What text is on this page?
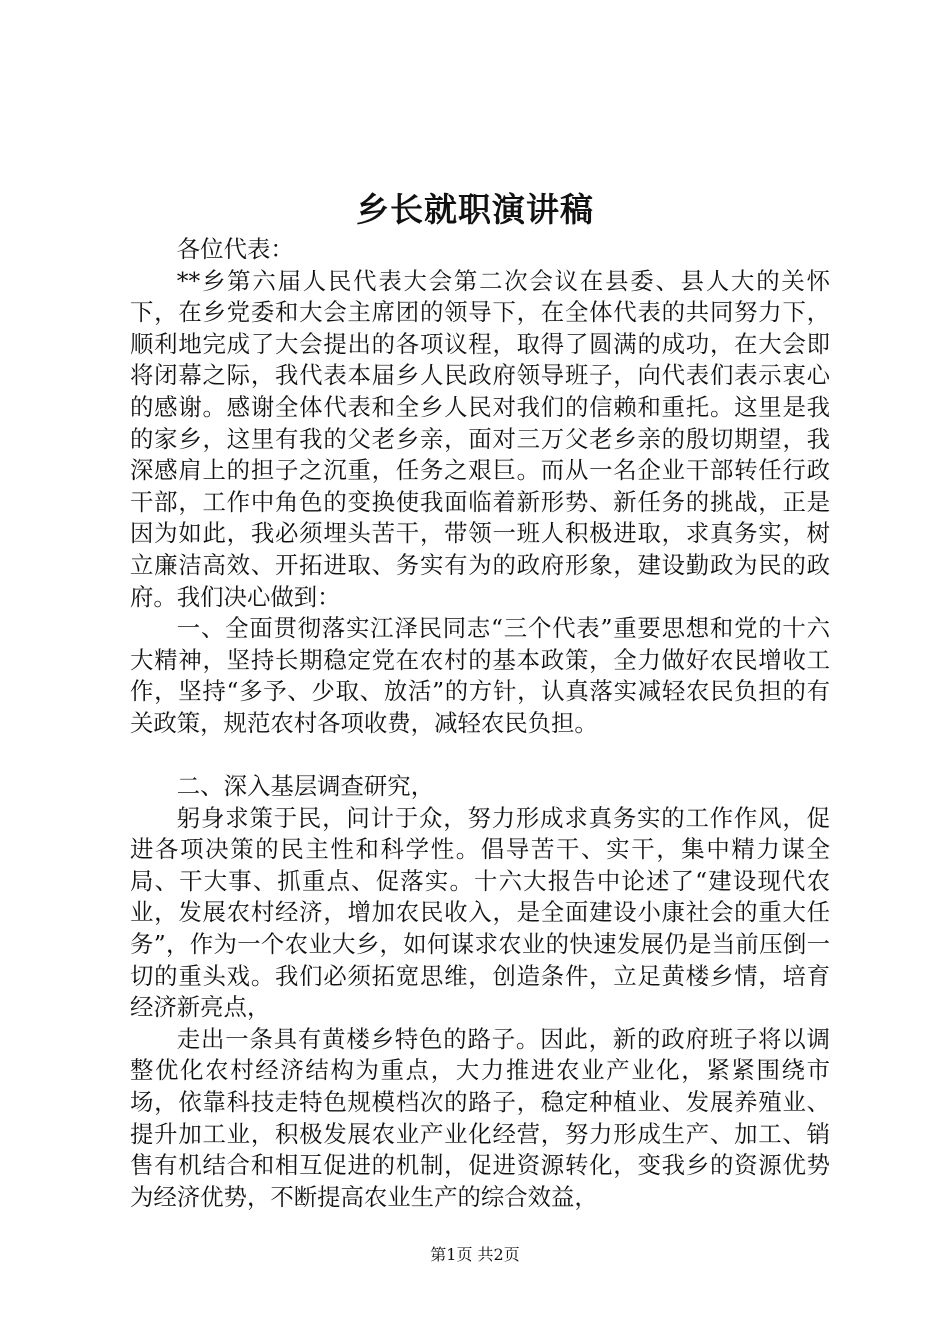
乡长就职演讲稿

各位代表：

**乡第六届人民代表大会第二次会议在县委、县人大的关怀下，在乡党委和大会主席团的领导下，在全体代表的共同努力下，顺利地完成了大会提出的各项议程，取得了圆满的成功，在大会即将闭幕之际，我代表本届乡人民政府领导班子，向代表们表示衷心的感谢。感谢全体代表和全乡人民对我们的信赖和重托。这里是我的家乡，这里有我的父老乡亲，面对三万父老乡亲的殷切期望，我深感肩上的担子之沉重，任务之艰巨。而从一名企业干部转任行政干部，工作中角色的变换使我面临着新形势、新任务的挑战，正是因为如此，我必须埋头苦干，带领一班人积极进取，求真务实，树立廉洁高效、开拓进取、务实有为的政府形象，建设勤政为民的政府。我们决心做到：

一、全面贯彻落实江泽民同志“三个代表”重要思想和党的十六大精神，坚持长期稳定党在农村的基本政策，全力做好农民增收工作，坚持“多予、少取、放活”的方针，认真落实减轻农民负担的有关政策，规范农村各项收费，减轻农民负担。

二、深入基层调查研究，

躬身求策于民，问计于众，努力形成求真务实的工作作风，促进各项决策的民主性和科学性。倡导苦干、实干，集中精力谋全局、干大事、抓重点、促落实。十六大报告中论述了“建设现代农业，发展农村经济，增加农民收入，是全面建设小康社会的重大任务”，作为一个农业大乡，如何谋求农业的快速发展仍是当前压倒一切的重头戏。我们必须拓宽思维，创造条件，立足黄楼乡情，培育经济新亮点，

走出一条具有黄楼乡特色的路子。因此，新的政府班子将以调整优化农村经济结构为重点，大力推进农业产业化，紧紧围绕市场，依靠科技走特色规模档次的路子，稳定种植业、发展养殖业、提升加工业，积极发展农业产业化经营，努力形成生产、加工、销售有机结合和相互促进的机制，促进资源转化，变我乡的资源优势为经济优势，不断提高农业生产的综合效益，

第1页 共2页
